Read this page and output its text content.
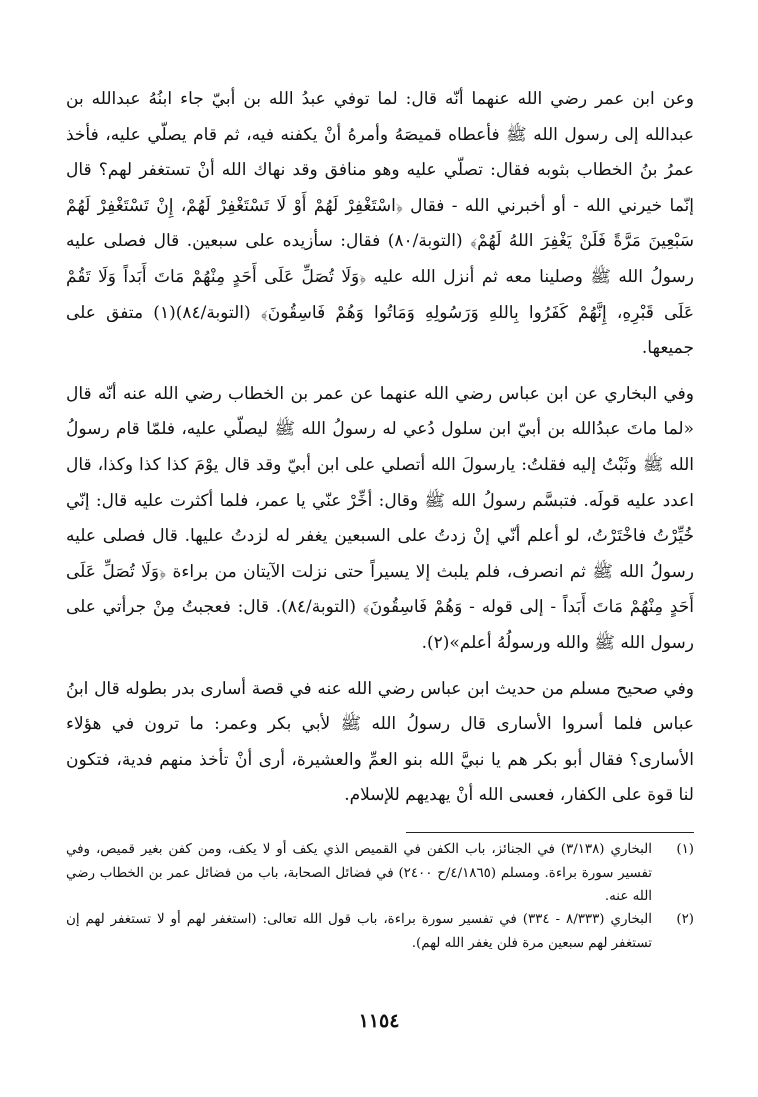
وعن ابن عمر رضي الله عنهما أنّه قال: لما توفي عبدُ الله بن أبيّ جاء ابنُهُ عبدالله بن عبدالله إلى رسول الله ﷺ فأعطاه قميصَهُ وأمرهُ أنْ يكفنه فيه، ثم قام يصلّي عليه، فأخذ عمرُ بنُ الخطاب بثوبه فقال: تصلّي عليه وهو منافق وقد نهاك الله أنْ تستغفر لهم؟ قال إنّما خيرني الله - أو أخبرني الله - فقال ﴿اسْتَغْفِرْ لَهُمْ أَوْ لَا تَسْتَغْفِرْ لَهُمْ، إِنْ تَسْتَغْفِرْ لَهُمْ سَبْعِينَ مَرَّةً فَلَنْ يَغْفِرَ اللهُ لَهُمْ﴾ (التوبة/٨٠) فقال: سأزيده على سبعين. قال فصلى عليه رسولُ الله ﷺ وصلينا معه ثم أنزل الله عليه ﴿وَلَا تُصَلِّ عَلَى أَحَدٍ مِنْهُمْ مَاتَ أَبَداً وَلَا تَقُمْ عَلَى قَبْرِهِ، إِنَّهُمْ كَفَرُوا بِاللهِ وَرَسُولِهِ وَمَاتُوا وَهُمْ فَاسِقُونَ﴾ (التوبة/٨٤)(١) متفق على جميعها.

وفي البخاري عن ابن عباس رضي الله عنهما عن عمر بن الخطاب رضي الله عنه أنّه قال «لما ماتَ عبدُالله بن أبيّ ابن سلول دُعي له رسولُ الله ﷺ ليصلّي عليه، فلمّا قام رسولُ الله ﷺ وثَبْتُ إليه فقلتُ: يارسولَ الله أتصلي على ابن أبيّ وقد قال يوْمَ كذا كذا وكذا، قال اعدد عليه قولَه. فتبسَّم رسولُ الله ﷺ وقال: أخِّرْ عنّي يا عمر، فلما أكثرت عليه قال: إنّي خُيِّرْتُ فاخْتَرْتُ، لو أعلم أنّي إنْ زدتُ على السبعين يغفر له لزدتُ عليها. قال فصلى عليه رسولُ الله ﷺ ثم انصرف، فلم يلبث إلا يسيراً حتى نزلت الآيتان من براءة ﴿وَلَا تُصَلِّ عَلَى أَحَدٍ مِنْهُمْ مَاتَ أَبَداً - إلى قوله - وَهُمْ فَاسِقُونَ﴾ (التوبة/٨٤). قال: فعجبتُ مِنْ جرأتي على رسول الله ﷺ والله ورسولُهُ أعلم»(٢).

وفي صحيح مسلم من حديث ابن عباس رضي الله عنه في قصة أسارى بدر بطوله قال ابنُ عباس فلما أسروا الأسارى قال رسولُ الله ﷺ لأبي بكر وعمر: ما ترون في هؤلاء الأسارى؟ فقال أبو بكر هم يا نبيَّ الله بنو العمِّ والعشيرة، أرى أنْ تأخذ منهم فدية، فتكون لنا قوة على الكفار، فعسى الله أنْ يهديهم للإسلام.

(١)
البخاري (٣/١٣٨) في الجنائز، باب الكفن في القميص الذي يكف أو لا يكف، ومن كفن بغير قميص، وفي تفسير سورة براءة. ومسلم (٤/١٨٦٥/ح ٢٤٠٠) في فضائل الصحابة، باب من فضائل عمر بن الخطاب رضي الله عنه.
(٢)
البخاري (٨/٣٣٣ - ٣٣٤) في تفسير سورة براءة، باب قول الله تعالى: (استغفر لهم أو لا تستغفر لهم إن تستغفر لهم سبعين مرة فلن يغفر الله لهم).
١١٥٤
